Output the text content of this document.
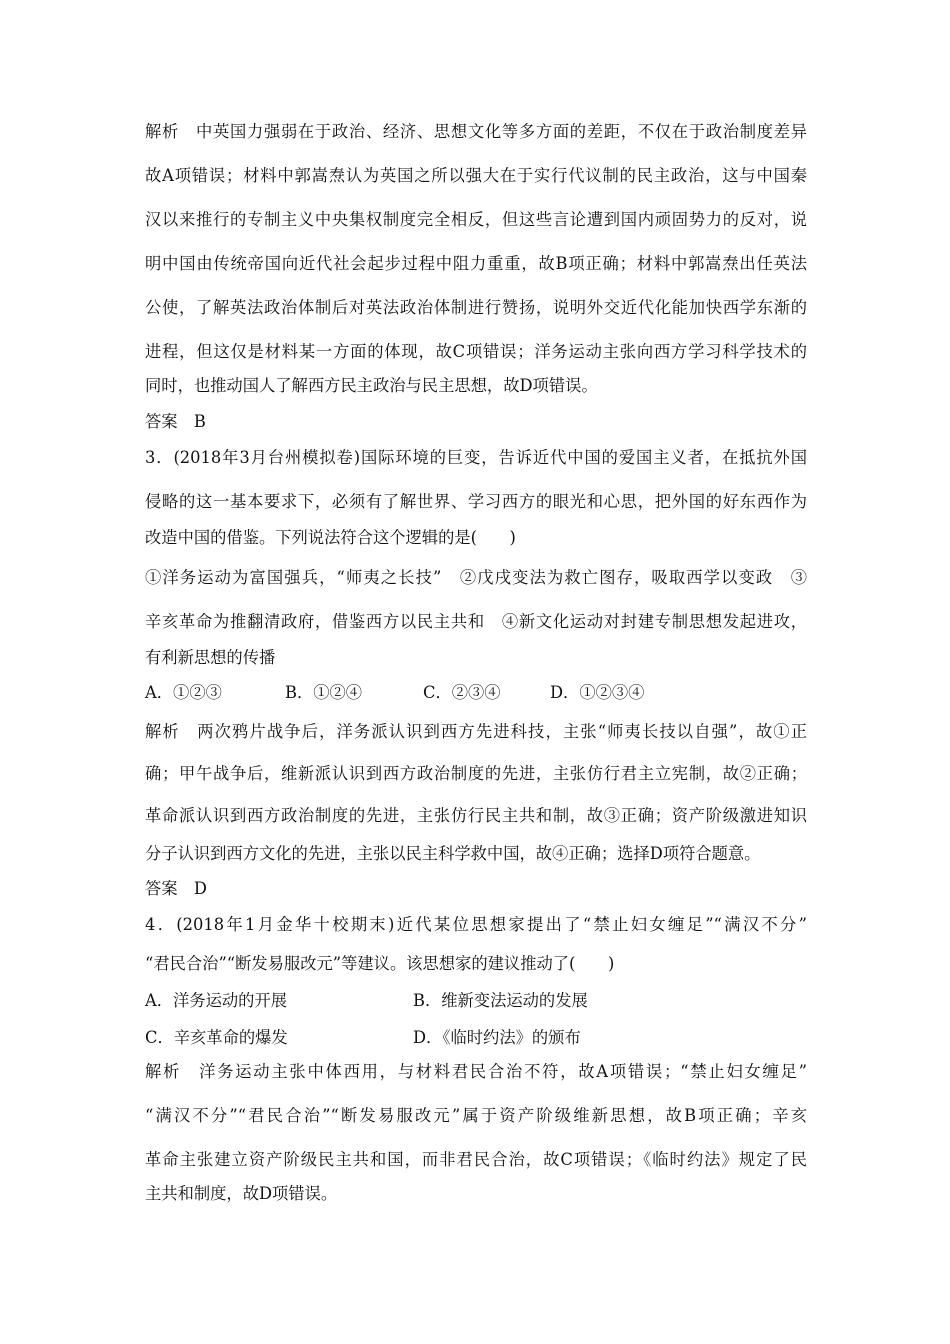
解析　中英国力强弱在于政治、经济、思想文化等多方面的差距，不仅在于政治制度差异
故A项错误；材料中郭嵩焘认为英国之所以强大在于实行代议制的民主政治，这与中国秦
汉以来推行的专制主义中央集权制度完全相反，但这些言论遭到国内顽固势力的反对，说
明中国由传统帝国向近代社会起步过程中阻力重重，故B项正确；材料中郭嵩焘出任英法
公使，了解英法政治体制后对英法政治体制进行赞扬，说明外交近代化能加快西学东渐的
进程，但这仅是材料某一方面的体现，故C项错误；洋务运动主张向西方学习科学技术的
同时，也推动国人了解西方民主政治与民主思想，故D项错误。
答案　B
3．(2018年3月台州模拟卷)国际环境的巨变，告诉近代中国的爱国主义者，在抵抗外国
侵略的这一基本要求下，必须有了解世界、学习西方的眼光和心思，把外国的好东西作为
改造中国的借鉴。下列说法符合这个逻辑的是(　　)
①洋务运动为富国强兵，“师夷之长技”　②戊戌变法为救亡图存，吸取西学以变政　③
辛亥革命为推翻清政府，借鉴西方以民主共和　④新文化运动对封建专制思想发起进攻，
有利新思想的传播
A．①②③	B．①②④	C．②③④	D．①②③④
解析　两次鸦片战争后，洋务派认识到西方先进科技，主张“师夷长技以自强”，故①正
确；甲午战争后，维新派认识到西方政治制度的先进，主张仿行君主立宪制，故②正确；
革命派认识到西方政治制度的先进，主张仿行民主共和制，故③正确；资产阶级激进知识
分子认识到西方文化的先进，主张以民主科学救中国，故④正确；选择D项符合题意。
答案　D
4．(2018年1月金华十校期末)近代某位思想家提出了“禁止妇女缠足”“满汉不分”
“君民合治”“断发易服改元”等建议。该思想家的建议推动了(　　)
A．洋务运动的开展	B．维新变法运动的发展
C．辛亥革命的爆发	D．《临时约法》的颁布
解析　洋务运动主张中体西用，与材料君民合治不符，故A项错误；“禁止妇女缠足”
“满汉不分”“君民合治”“断发易服改元”属于资产阶级维新思想，故B项正确；辛亥
革命主张建立资产阶级民主共和国，而非君民合治，故C项错误；《临时约法》规定了民
主共和制度，故D项错误。
